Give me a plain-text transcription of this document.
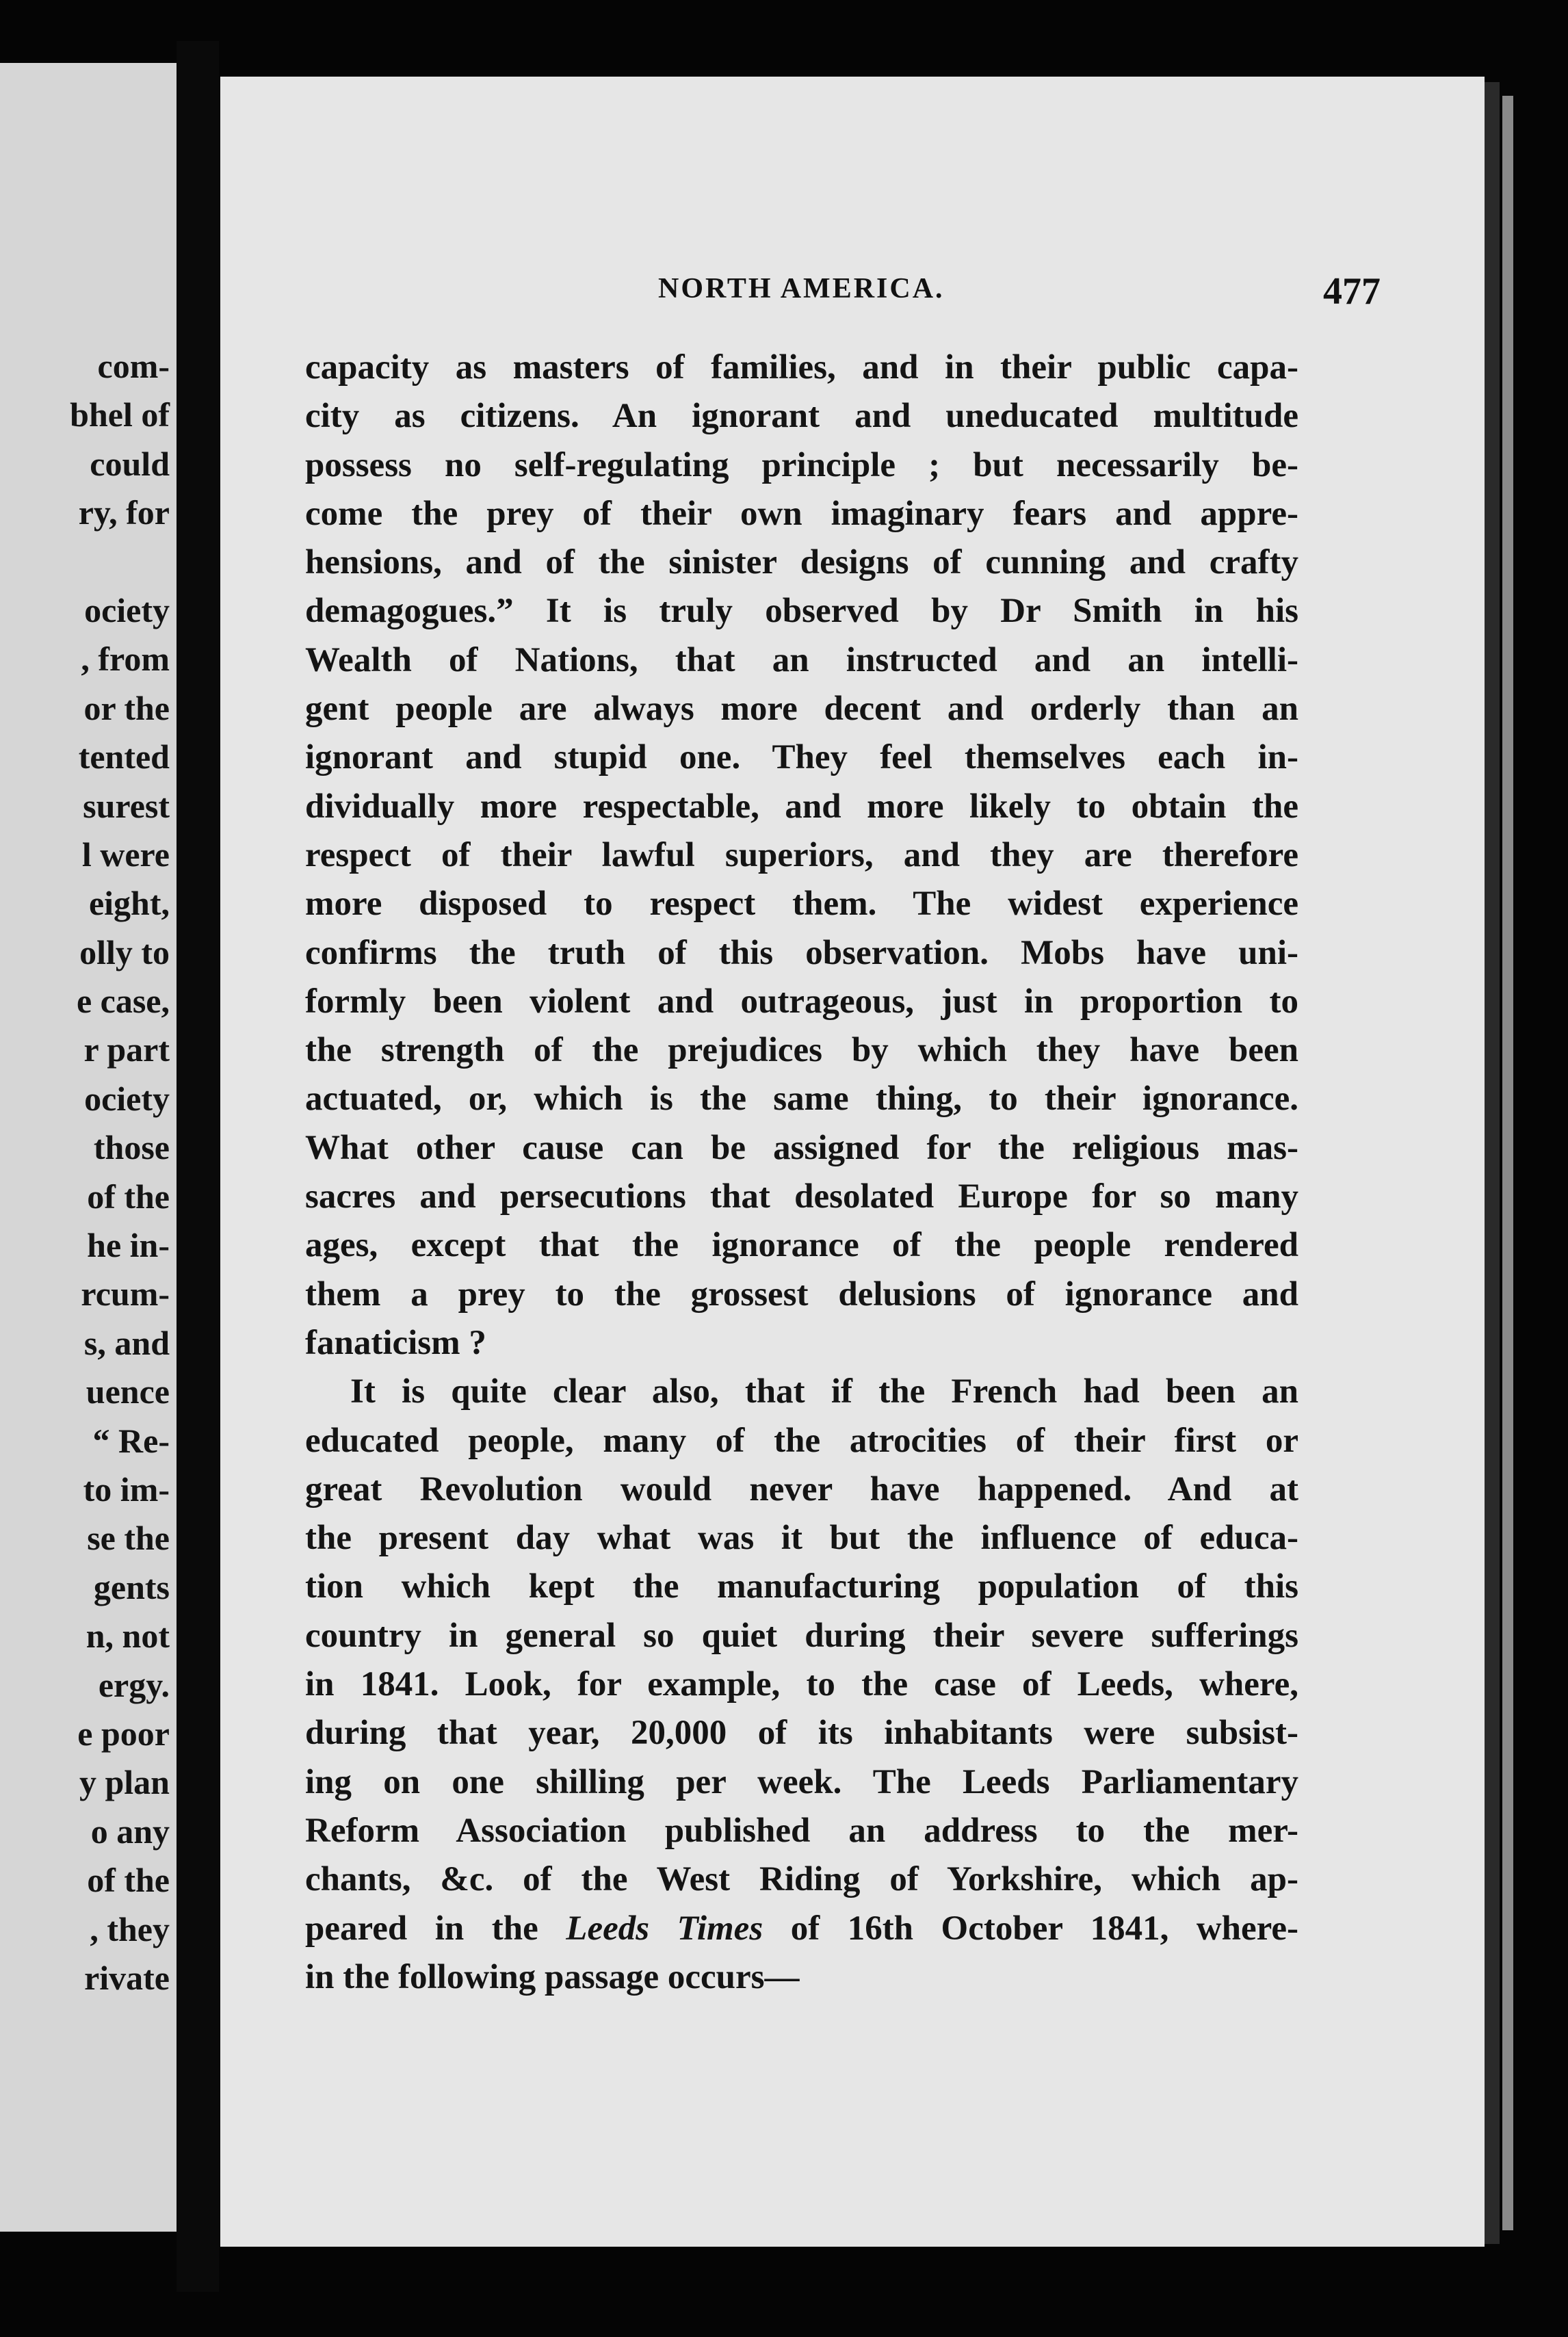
com-
bhel of
could
ry, for
ociety
, from
or the
tented
surest
l were
eight,
olly to
e case,
r part
ociety
those
of the
he in-
rcum-
s, and
uence
“ Re-
to im-
se the
gents
n, not
ergy.
e poor
y plan
o any
of the
, they
rivate
NORTH AMERICA.	477
capacity as masters of families, and in their public capa-
city as citizens. An ignorant and uneducated multitude
possess no self-regulating principle ; but necessarily be-
come the prey of their own imaginary fears and appre-
hensions, and of the sinister designs of cunning and crafty
demagogues.” It is truly observed by Dr Smith in his
Wealth of Nations, that an instructed and an intelli-
gent people are always more decent and orderly than an
ignorant and stupid one. They feel themselves each in-
dividually more respectable, and more likely to obtain the
respect of their lawful superiors, and they are therefore
more disposed to respect them. The widest experience
confirms the truth of this observation. Mobs have uni-
formly been violent and outrageous, just in proportion to
the strength of the prejudices by which they have been
actuated, or, which is the same thing, to their ignorance.
What other cause can be assigned for the religious mas-
sacres and persecutions that desolated Europe for so many
ages, except that the ignorance of the people rendered
them a prey to the grossest delusions of ignorance and
fanaticism ?
It is quite clear also, that if the French had been an
educated people, many of the atrocities of their first or
great Revolution would never have happened. And at
the present day what was it but the influence of educa-
tion which kept the manufacturing population of this
country in general so quiet during their severe sufferings
in 1841. Look, for example, to the case of Leeds, where,
during that year, 20,000 of its inhabitants were subsist-
ing on one shilling per week. The Leeds Parliamentary
Reform Association published an address to the mer-
chants, &c. of the West Riding of Yorkshire, which ap-
peared in the Leeds Times of 16th October 1841, where-
in the following passage occurs—
